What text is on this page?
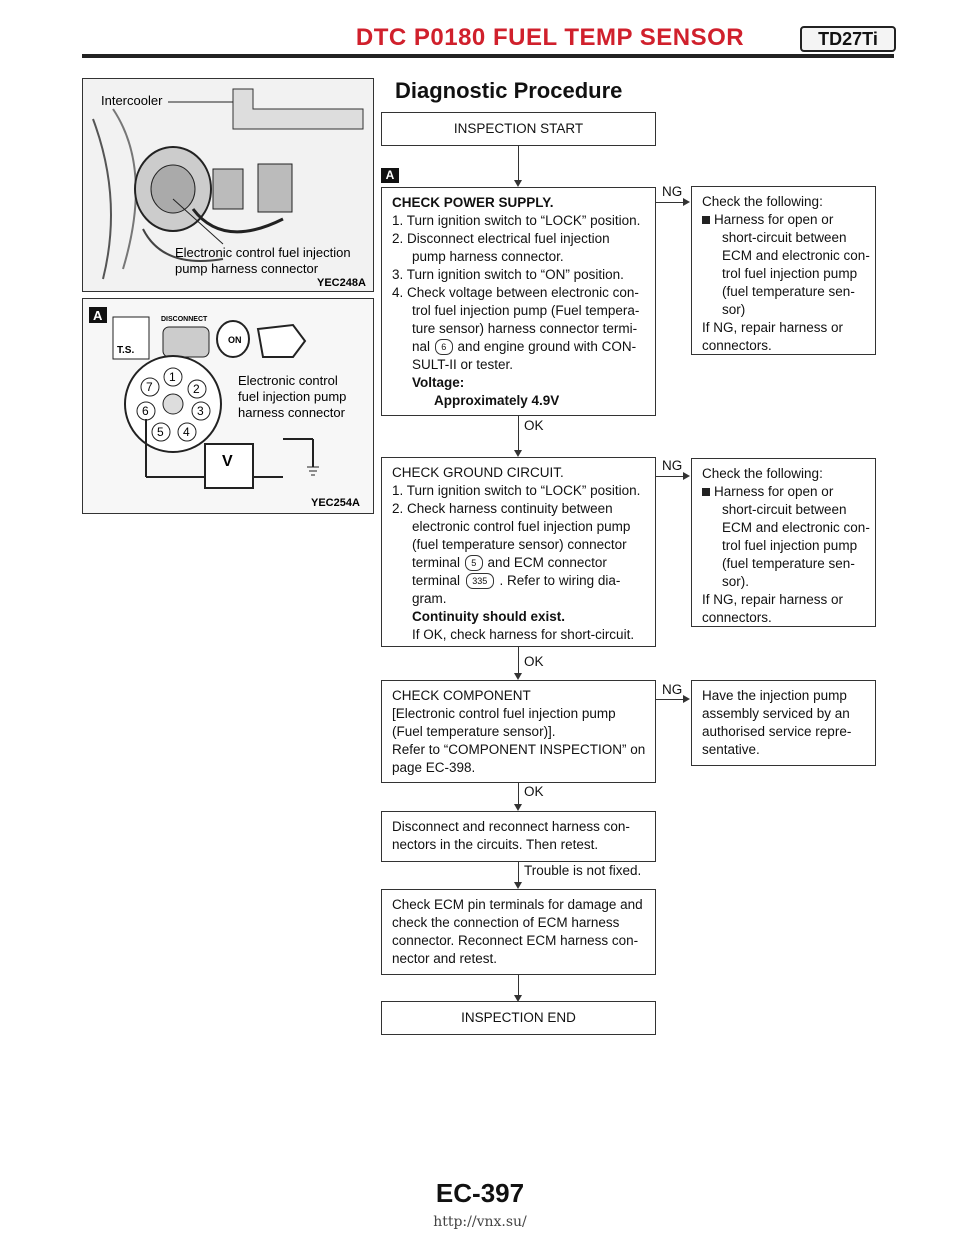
DTC P0180 FUEL TEMP SENSOR	TD27Ti
Intercooler
Electronic control fuel injection
pump harness connector
YEC248A
A
T.S.
DISCONNECT
ON
1
2
3
4
5
6
7	Electronic control
fuel injection pump
harness connector
V
YEC254A
Diagnostic Procedure
INSPECTION START
A
CHECK POWER SUPPLY.
1. Turn ignition switch to “LOCK” position.
2. Disconnect electrical fuel injection
pump harness connector.
3. Turn ignition switch to “ON” position.
4. Check voltage between electronic con-
trol fuel injection pump (Fuel tempera-
ture sensor) harness connector termi-
nal 6 and engine ground with CON-
SULT-II or tester.
Voltage:
Approximately 4.9V
NG
Check the following:
Harness for open or
short-circuit between
ECM and electronic con-
trol fuel injection pump
(fuel temperature sen-
sor)
If NG, repair harness or
connectors.
OK
CHECK GROUND CIRCUIT.
1. Turn ignition switch to “LOCK” position.
2. Check harness continuity between
electronic control fuel injection pump
(fuel temperature sensor) connector
terminal 5 and ECM connector
terminal 335 . Refer to wiring dia-
gram.
Continuity should exist.
If OK, check harness for short-circuit.
NG
Check the following:
Harness for open or
short-circuit between
ECM and electronic con-
trol fuel injection pump
(fuel temperature sen-
sor).
If NG, repair harness or
connectors.
OK
CHECK COMPONENT
[Electronic control fuel injection pump
(Fuel temperature sensor)].
Refer to “COMPONENT INSPECTION” on
page EC-398.
NG Have the injection pump
assembly serviced by an
authorised service repre-
sentative.
OK
Disconnect and reconnect harness con-
nectors in the circuits. Then retest.
Trouble is not fixed.
Check ECM pin terminals for damage and
check the connection of ECM harness
connector. Reconnect ECM harness con-
nector and retest.
INSPECTION END
EC-397
http://vnx.su/
